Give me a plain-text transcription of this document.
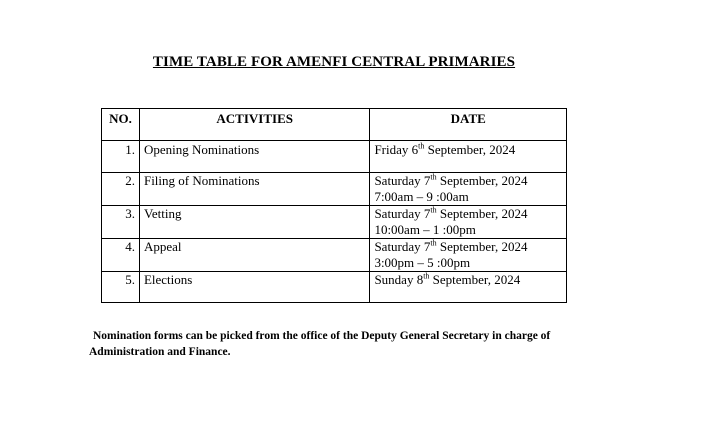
TIME TABLE FOR AMENFI CENTRAL PRIMARIES
NO.	ACTIVITIES	DATE
1.	Opening Nominations	Friday 6th September, 2024
2.	Filing of Nominations	Saturday 7th September, 2024
7:00am – 9 :00am
3.	Vetting	Saturday 7th September, 2024
10:00am – 1 :00pm
4.	Appeal	Saturday 7th September, 2024
3:00pm – 5 :00pm
5.	Elections	Sunday 8th September, 2024
Nomination forms can be picked from the office of the Deputy General Secretary in charge of Administration and Finance.
